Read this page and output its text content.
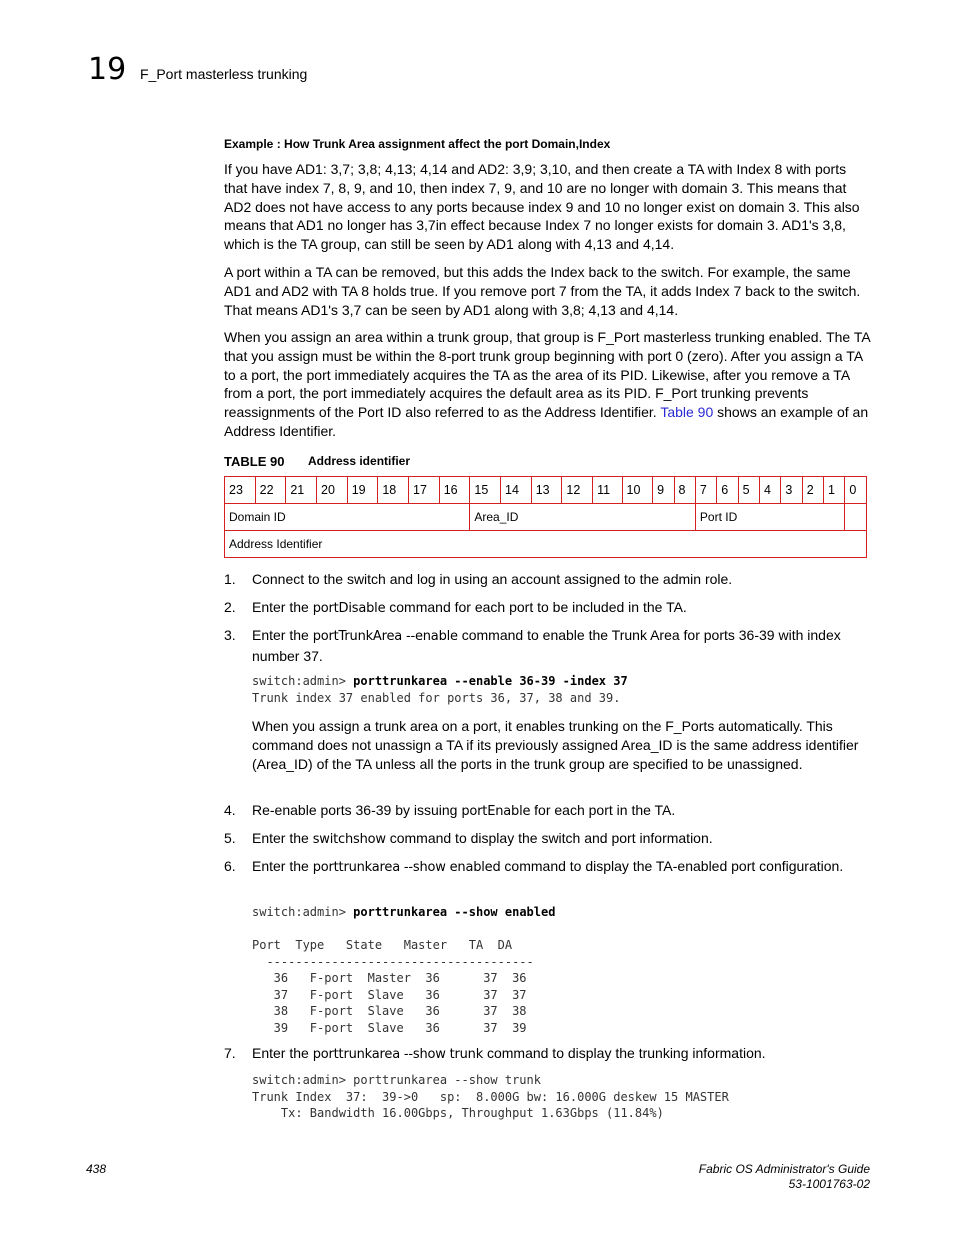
19 F_Port masterless trunking
Example : How Trunk Area assignment affect the port Domain,Index

If you have AD1: 3,7; 3,8; 4,13; 4,14 and AD2: 3,9; 3,10, and then create a TA with Index 8 with ports that have index 7, 8, 9, and 10, then index 7, 9, and 10 are no longer with domain 3. This means that AD2 does not have access to any ports because index 9 and 10 no longer exist on domain 3. This also means that AD1 no longer has 3,7in effect because Index 7 no longer exists for domain 3. AD1's 3,8, which is the TA group, can still be seen by AD1 along with 4,13 and 4,14.

A port within a TA can be removed, but this adds the Index back to the switch. For example, the same AD1 and AD2 with TA 8 holds true. If you remove port 7 from the TA, it adds Index 7 back to the switch. That means AD1's 3,7 can be seen by AD1 along with 3,8; 4,13 and 4,14.

When you assign an area within a trunk group, that group is F_Port masterless trunking enabled. The TA that you assign must be within the 8-port trunk group beginning with port 0 (zero). After you assign a TA to a port, the port immediately acquires the TA as the area of its PID. Likewise, after you remove a TA from a port, the port immediately acquires the default area as its PID. F_Port trunking prevents reassignments of the Port ID also referred to as the Address Identifier. Table 90 shows an example of an Address Identifier.

TABLE 90 Address identifier
23	22	21	20	19	18	17	16	15	14	13	12	11	10	9	8	7	6	5	4	3	2	1	0
Domain ID								Area_ID								Port ID							
Address Identifier																							
1. Connect to the switch and log in using an account assigned to the admin role.
2. Enter the portDisable command for each port to be included in the TA.
3. Enter the portTrunkArea --enable command to enable the Trunk Area for ports 36-39 with index number 37.
switch:admin> porttrunkarea --enable 36-39 -index 37
Trunk index 37 enabled for ports 36, 37, 38 and 39.

When you assign a trunk area on a port, it enables trunking on the F_Ports automatically. This command does not unassign a TA if its previously assigned Area_ID is the same address identifier (Area_ID) of the TA unless all the ports in the trunk group are specified to be unassigned.

4. Re-enable ports 36-39 by issuing portEnable for each port in the TA.
5. Enter the switchshow command to display the switch and port information.
6. Enter the porttrunkarea --show enabled command to display the TA-enabled port configuration.
switch:admin> porttrunkarea --show enabled

Port  Type   State   Master   TA  DA
-------------------------------------
36   F-port  Master  36      37  36
37   F-port  Slave   36      37  37
38   F-port  Slave   36      37  38
39   F-port  Slave   36      37  39
7. Enter the porttrunkarea --show trunk command to display the trunking information.
switch:admin> porttrunkarea --show trunk
Trunk Index  37:  39->0   sp:  8.000G bw: 16.000G deskew 15 MASTER
Tx: Bandwidth 16.00Gbps, Throughput 1.63Gbps (11.84%)
438	Fabric OS Administrator's Guide
53-1001763-02
